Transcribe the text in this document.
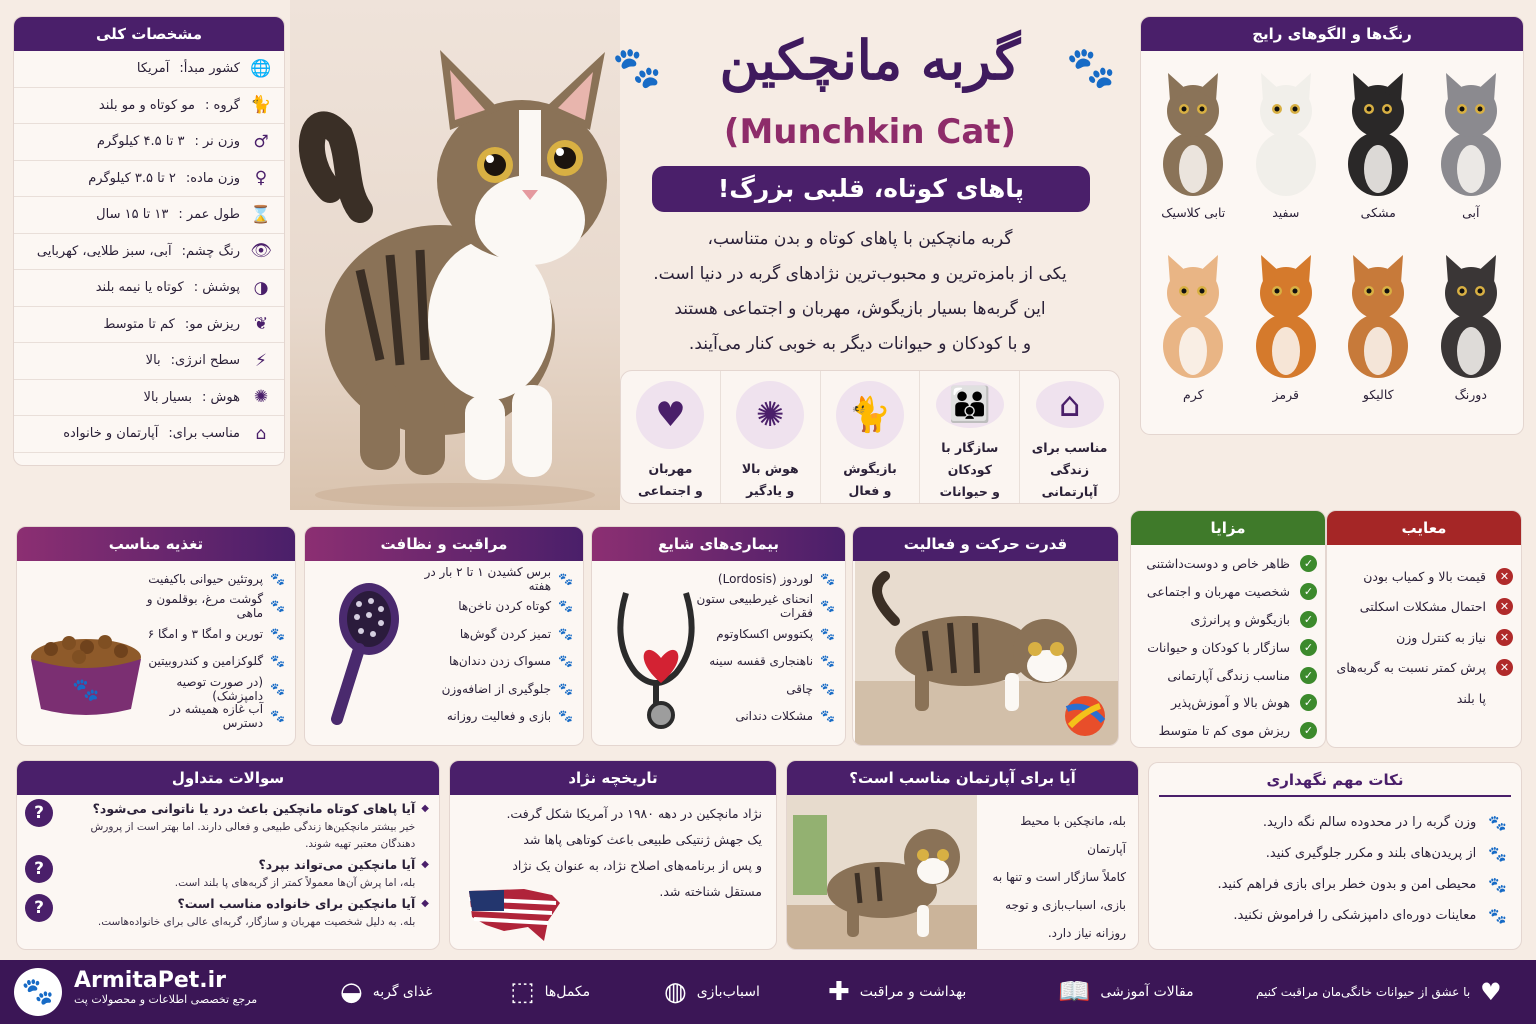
مشخصات کلی
🌐
کشور مبدأ:
آمریکا
🐈
گروه :
مو کوتاه و مو بلند
♂
وزن نر :
۳ تا ۴.۵ کیلوگرم
♀
وزن ماده:
۲ تا ۳.۵ کیلوگرم
⌛
طول عمر :
۱۳ تا ۱۵ سال
👁
رنگ چشم:
آبی، سبز طلایی، کهربایی
◑
پوشش :
کوتاه یا نیمه بلند
❦
ریزش مو:
کم تا متوسط
⚡
سطح انرژی:
بالا
✺
هوش :
بسیار بالا
⌂
مناسب برای:
آپارتمان و خانواده
🐾	🐾
گربه مانچکین
(Munchkin Cat)
پاهای کوتاه، قلبی بزرگ!
گربه مانچکین با پاهای کوتاه و بدن متناسب،
یکی از بامزه‌ترین و محبوب‌ترین نژادهای گربه در دنیا است.
این گربه‌ها بسیار بازیگوش، مهربان و اجتماعی هستند
و با کودکان و حیوانات دیگر به خوبی کنار می‌آیند.
⌂
مناسب برای
زندگی آپارتمانی
👪
سازگار با کودکان
و حیوانات
🐈
بازیگوش
و فعال
✺
هوش بالا
و یادگیر
♥
مهربان
و اجتماعی
رنگ‌ها و الگوهای رایج
آبی
مشکی
سفید
تابی کلاسیک
دورنگ
کالیکو
قرمز
کرم
تغذیه مناسب
🐾
🐾
پروتئین حیوانی باکیفیت
🐾
گوشت مرغ، بوقلمون و ماهی
🐾
تورین و امگا ۳ و امگا ۶
🐾
گلوکزامین و کندروبیتین
🐾
(در صورت توصیه دامپزشک)
🐾
آب غازه همیشه در دسترس
مراقبت و نظافت
🐾
برس کشیدن ۱ تا ۲ بار در هفته
🐾
کوتاه کردن ناخن‌ها
🐾
تمیز کردن گوش‌ها
🐾
مسواک زدن دندان‌ها
🐾
جلوگیری از اضافه‌وزن
🐾
بازی و فعالیت روزانه
بیماری‌های شایع
🐾
لوردوز (Lordosis)
🐾
انحنای غیرطبیعی ستون فقرات
🐾
پکتووس اکسکاوتوم
🐾
ناهنجاری قفسه سینه
🐾
چاقی
🐾
مشکلات دندانی
قدرت حرکت و فعالیت
مزایا
✓
ظاهر خاص و دوست‌داشتنی
✓
شخصیت مهربان و اجتماعی
✓
بازیگوش و پرانرژی
✓
سازگار با کودکان و حیوانات
✓
مناسب زندگی آپارتمانی
✓
هوش بالا و آموزش‌پذیر
✓
ریزش موی کم تا متوسط
معایب
✕
قیمت بالا و کمیاب بودن
✕
احتمال مشکلات اسکلتی
✕
نیاز به کنترل وزن
✕
پرش کمتر نسبت به گربه‌های
پا بلند
سوالات متداول
◆
آیا پاهای کوتاه مانچکین باعث درد یا ناتوانی می‌شود؟
خیر بیشتر مانچکین‌ها زندگی طبیعی و فعالی دارند. اما بهتر است از پرورش دهندگان معتبر تهیه شوند.
?
◆
آیا مانچکین می‌تواند بپرد؟
بله، اما پرش آن‌ها معمولاً کمتر از گربه‌های پا بلند است.
?
◆
آیا مانچکین برای خانواده مناسب است؟
بله. به دلیل شخصیت مهربان و سازگار، گربه‌ای عالی برای خانواده‌هاست.
?
تاریخچه نژاد
نژاد مانچکین در دهه ۱۹۸۰ در آمریکا شکل گرفت.
یک جهش ژنتیکی طبیعی باعث کوتاهی پاها شد
و پس از برنامه‌های اصلاح نژاد، به عنوان یک نژاد
مستقل شناخته شد.
آیا برای آپارتمان مناسب است؟
بله، مانچکین با محیط آپارتمان
کاملاً سازگار است و تنها به
بازی، اسباب‌بازی و توجه
روزانه نیاز دارد.
نکات مهم نگهداری
🐾
وزن گربه را در محدوده سالم نگه دارید.
🐾
از پریدن‌های بلند و مکرر جلوگیری کنید.
🐾
محیطی امن و بدون خطر برای بازی فراهم کنید.
🐾
معاینات دوره‌ای دامپزشکی را فراموش نکنید.
🐾 ArmitaPet.ir
مرجع تخصصی اطلاعات و محصولات پت	◒ غذای گربه	⬚ مکمل‌ها	◍ اسباب‌بازی	✚ بهداشت و مراقبت	📖 مقالات آموزشی	♥
با عشق از حیوانات خانگی‌مان مراقبت کنیم
